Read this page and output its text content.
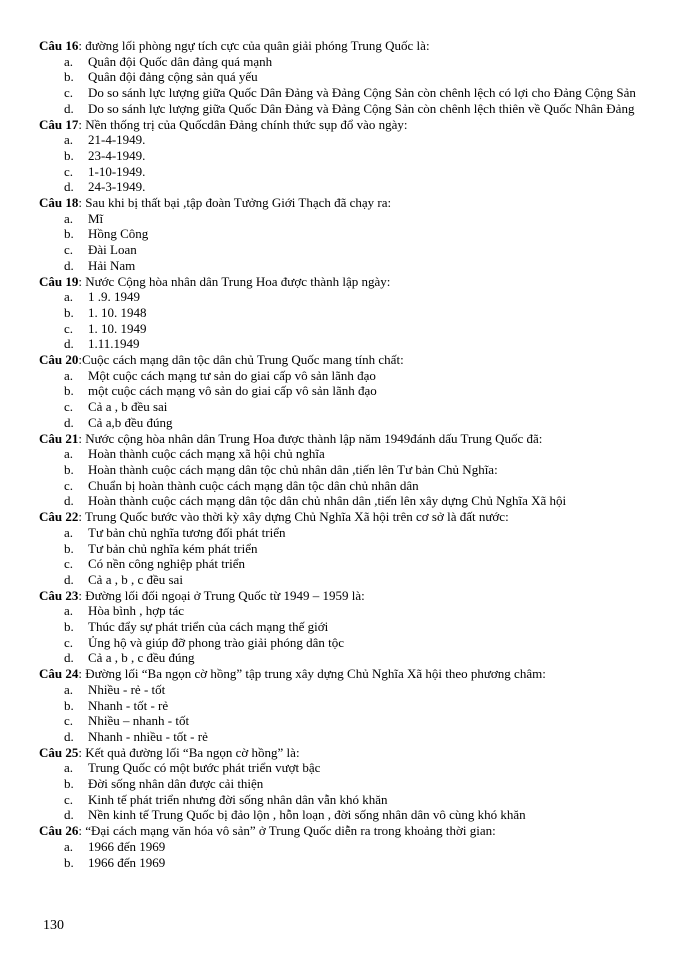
Câu 16: đường lối phòng ngự tích cực của quân giải phóng Trung Quốc là:
a.	Quân đội Quốc dân đảng quá mạnh
b.	Quân đội đảng cộng sản quá yếu
c.	Do so sánh lực lượng giữa Quốc Dân Đảng và Đảng Cộng Sản còn chênh lệch có lợi cho Đảng Cộng Sản
d.	Do so sánh lực lượng giữa Quốc Dân Đảng và Đảng Cộng Sản còn chênh lệch thiên về Quốc Nhân Đảng
Câu 17: Nền thống trị của Quốcdân Đảng chính thức sụp đổ vào ngày:
a.	21-4-1949.
b.	23-4-1949.
c.	1-10-1949.
d.	24-3-1949.
Câu 18: Sau khi bị thất bại ,tập đoàn Tưởng Giới Thạch đã chạy ra:
a.	Mĩ
b.	Hồng Công
c.	Đài Loan
d.	Hải Nam
Câu 19: Nước Cộng hòa nhân dân Trung Hoa được thành lập ngày:
a.	1 .9. 1949
b.	1. 10. 1948
c.	1. 10. 1949
d.	1.11.1949
Câu 20:Cuộc cách mạng dân tộc dân chủ Trung Quốc mang tính chất:
a.	Một cuộc cách mạng tư sản do giai cấp vô sản lãnh đạo
b.	một cuộc cách mạng vô sản do giai cấp vô sản lãnh đạo
c.	Cả a , b đều sai
d.	Cả a,b đều đúng
Câu 21: Nước cộng hòa nhân dân Trung Hoa được thành lập năm 1949đánh dấu Trung Quốc đã:
a.	Hoàn thành cuộc cách mạng xã hội chủ nghĩa
b.	Hoàn thành cuộc cách mạng dân tộc chủ nhân dân ,tiến lên Tư bản Chủ Nghĩa:
c.	Chuẩn bị hoàn thành cuộc cách mạng dân tộc dân chủ nhân dân
d.	Hoàn thành cuộc cách mạng dân tộc dân chủ nhân dân ,tiến lên xây dựng Chủ Nghĩa Xã hội
Câu 22: Trung Quốc bước vào thời kỳ xây dựng Chủ Nghĩa Xã hội trên cơ sở là đất nước:
a.	Tư bản chủ nghĩa tương đối phát triển
b.	Tư bản chủ nghĩa kém phát triển
c.	Có nền công nghiệp phát triển
d.	Cả a , b , c đều sai
Câu 23: Đường lối đối ngoại ở Trung Quốc từ 1949 – 1959 là:
a.	Hòa bình , hợp tác
b.	Thúc đẩy sự phát triển của cách mạng thế giới
c.	Ủng hộ và giúp đỡ phong trào giải phóng dân tộc
d.	Cả a , b , c đều đúng
Câu 24: Đường lối “Ba ngọn cờ hồng” tập trung xây dựng Chủ Nghĩa Xã hội theo phương châm:
a.	Nhiều - rẻ - tốt
b.	Nhanh - tốt - rẻ
c.	Nhiều – nhanh - tốt
d.	Nhanh - nhiều - tốt - rẻ
Câu 25: Kết quả đường lối “Ba ngọn cờ hồng” là:
a.	Trung Quốc có một bước phát triển vượt bậc
b.	Đời sống nhân dân được cải thiện
c.	Kinh tế phát triển nhưng đời sống nhân dân vẫn khó khăn
d.	Nền kinh tế Trung Quốc bị đảo lộn , hỗn loạn , đời sống nhân dân vô cùng khó khăn
Câu 26: “Đại cách mạng văn hóa vô sản” ở Trung Quốc diễn ra trong khoảng thời gian:
a.	1966 đến 1969
b.	1966 đến 1969
130
